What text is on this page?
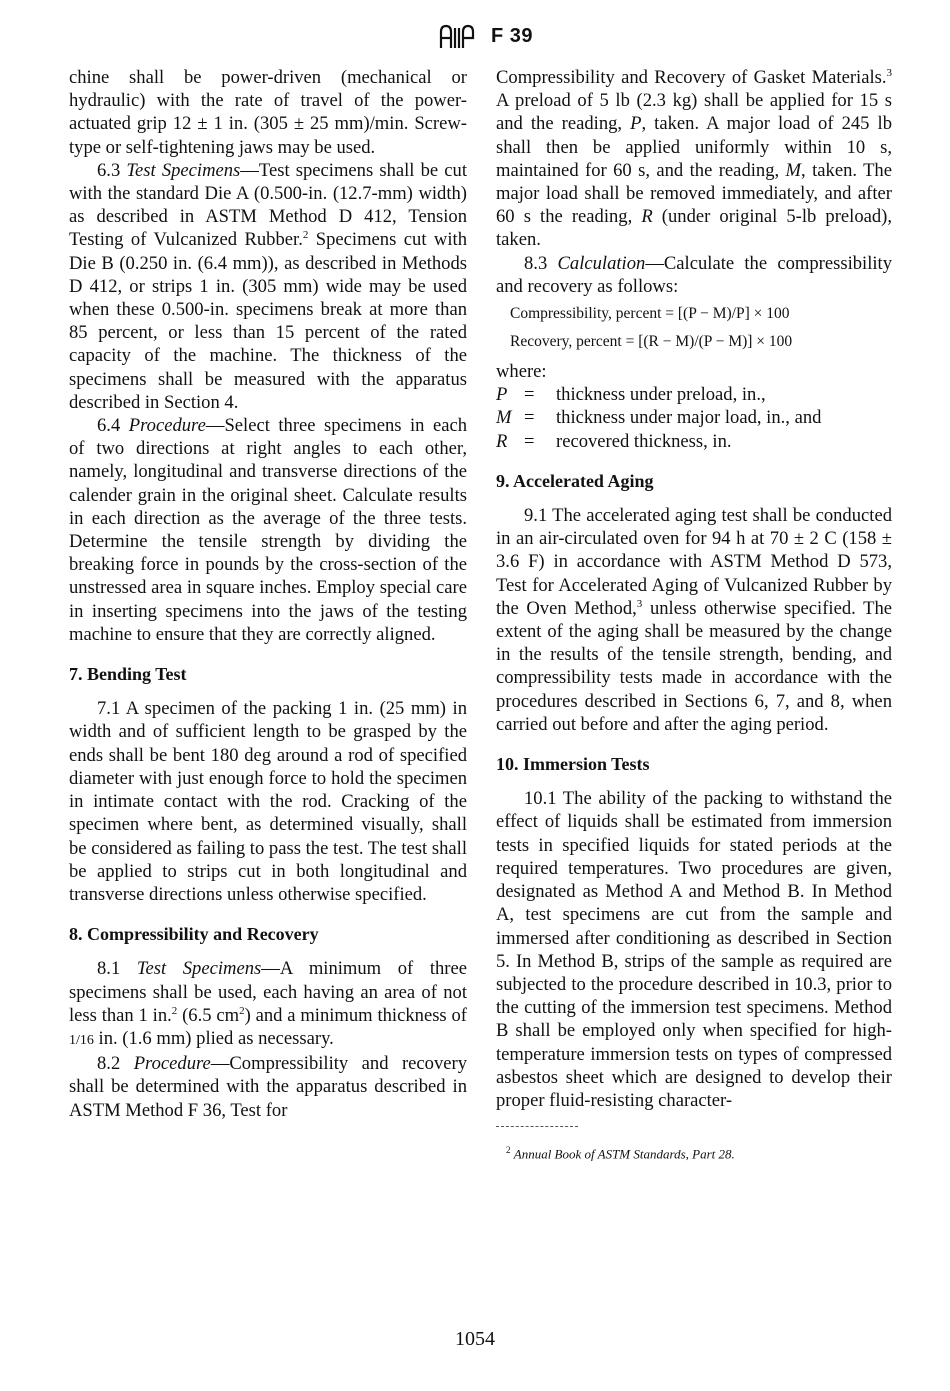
F 39

chine shall be power-driven (mechanical or hydraulic) with the rate of travel of the power-actuated grip 12 ± 1 in. (305 ± 25 mm)/min. Screw-type or self-tightening jaws may be used.

6.3 Test Specimens—Test specimens shall be cut with the standard Die A (0.500-in. (12.7-mm) width) as described in ASTM Method D 412, Tension Testing of Vulcanized Rubber.$^2$ Specimens cut with Die B (0.250 in. (6.4 mm)), as described in Methods D 412, or strips 1 in. (305 mm) wide may be used when these 0.500-in. specimens break at more than 85 percent, or less than 15 percent of the rated capacity of the machine. The thickness of the specimens shall be measured with the apparatus described in Section 4.

6.4 Procedure—Select three specimens in each of two directions at right angles to each other, namely, longitudinal and transverse directions of the calender grain in the original sheet. Calculate results in each direction as the average of the three tests. Determine the tensile strength by dividing the breaking force in pounds by the cross-section of the unstressed area in square inches. Employ special care in inserting specimens into the jaws of the testing machine to ensure that they are correctly aligned.

7. Bending Test

7.1 A specimen of the packing 1 in. (25 mm) in width and of sufficient length to be grasped by the ends shall be bent 180 deg around a rod of specified diameter with just enough force to hold the specimen in intimate contact with the rod. Cracking of the specimen where bent, as determined visually, shall be considered as failing to pass the test. The test shall be applied to strips cut in both longitudinal and transverse directions unless otherwise specified.

8. Compressibility and Recovery

8.1 Test Specimens—A minimum of three specimens shall be used, each having an area of not less than 1 in.$^2$ (6.5 $cm^2$) and a minimum thickness of 1/16 in. (1.6 mm) plied as necessary.

8.2 Procedure—Compressibility and recovery shall be determined with the apparatus described in ASTM Method F 36, Test for

Compressibility and Recovery of Gasket Materials.$^3$ A preload of 5 lb (2.3 kg) shall be applied for 15 s and the reading, P, taken. A major load of 245 lb shall then be applied uniformly within 10 s, maintained for 60 s, and the reading, M, taken. The major load shall be removed immediately, and after 60 s the reading, R (under original 5-lb preload), taken.

8.3 Calculation—Calculate the compressibility and recovery as follows:

Compressibility, percent = [(P − M)/P] × 100
Recovery, percent = [(R − M)/(P − M)] × 100

where:

P =	thickness under preload, in.,
M =	thickness under major load, in., and
R =	recovered thickness, in.
9. Accelerated Aging

9.1 The accelerated aging test shall be conducted in an air-circulated oven for 94 h at 70 ± 2 C (158 ± 3.6 F) in accordance with ASTM Method D 573, Test for Accelerated Aging of Vulcanized Rubber by the Oven Method,$^3$ unless otherwise specified. The extent of the aging shall be measured by the change in the results of the tensile strength, bending, and compressibility tests made in accordance with the procedures described in Sections 6, 7, and 8, when carried out before and after the aging period.

10. Immersion Tests

10.1 The ability of the packing to withstand the effect of liquids shall be estimated from immersion tests in specified liquids for stated periods at the required temperatures. Two procedures are given, designated as Method A and Method B. In Method A, test specimens are cut from the sample and immersed after conditioning as described in Section 5. In Method B, strips of the sample as required are subjected to the procedure described in 10.3, prior to the cutting of the immersion test specimens. Method B shall be employed only when specified for high-temperature immersion tests on types of compressed asbestos sheet which are designed to develop their proper fluid-resisting character-

$^2$ Annual Book of ASTM Standards, Part 28.
1054
